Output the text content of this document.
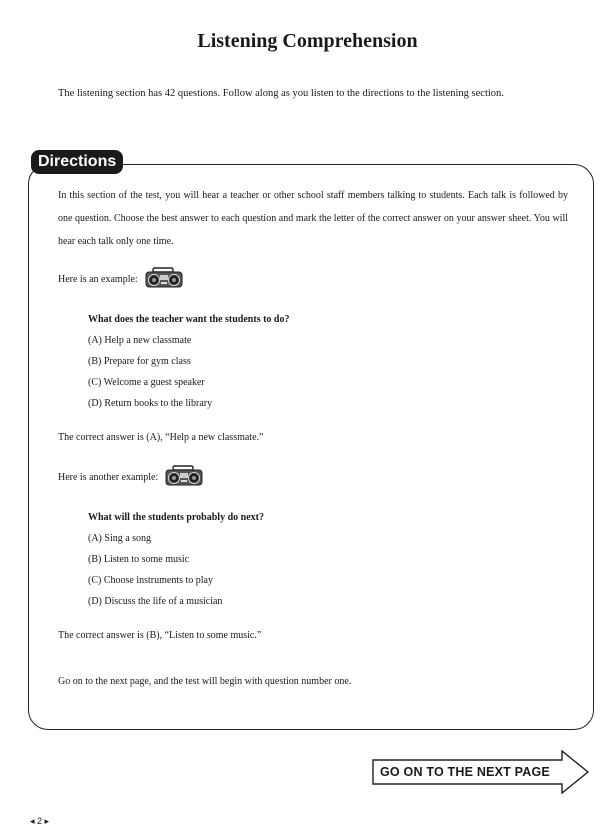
Listening Comprehension

The listening section has 42 questions. Follow along as you listen to the directions to the listening section.

Directions

In this section of the test, you will hear a teacher or other school staff members talking to students. Each talk is followed by one question. Choose the best answer to each question and mark the letter of the correct answer on your answer sheet. You will hear each talk only one time.

Here is an example:

What does the teacher want the students to do?

(A) Help a new classmate

(B) Prepare for gym class

(C) Welcome a guest speaker

(D) Return books to the library

The correct answer is (A), “Help a new classmate.”

Here is another example:

What will the students probably do next?

(A) Sing a song

(B) Listen to some music

(C) Choose instruments to play

(D) Discuss the life of a musician

The correct answer is (B), “Listen to some music.”

Go on to the next page, and the test will begin with question number one.

GO ON TO THE NEXT PAGE
◂ 2 ▸
